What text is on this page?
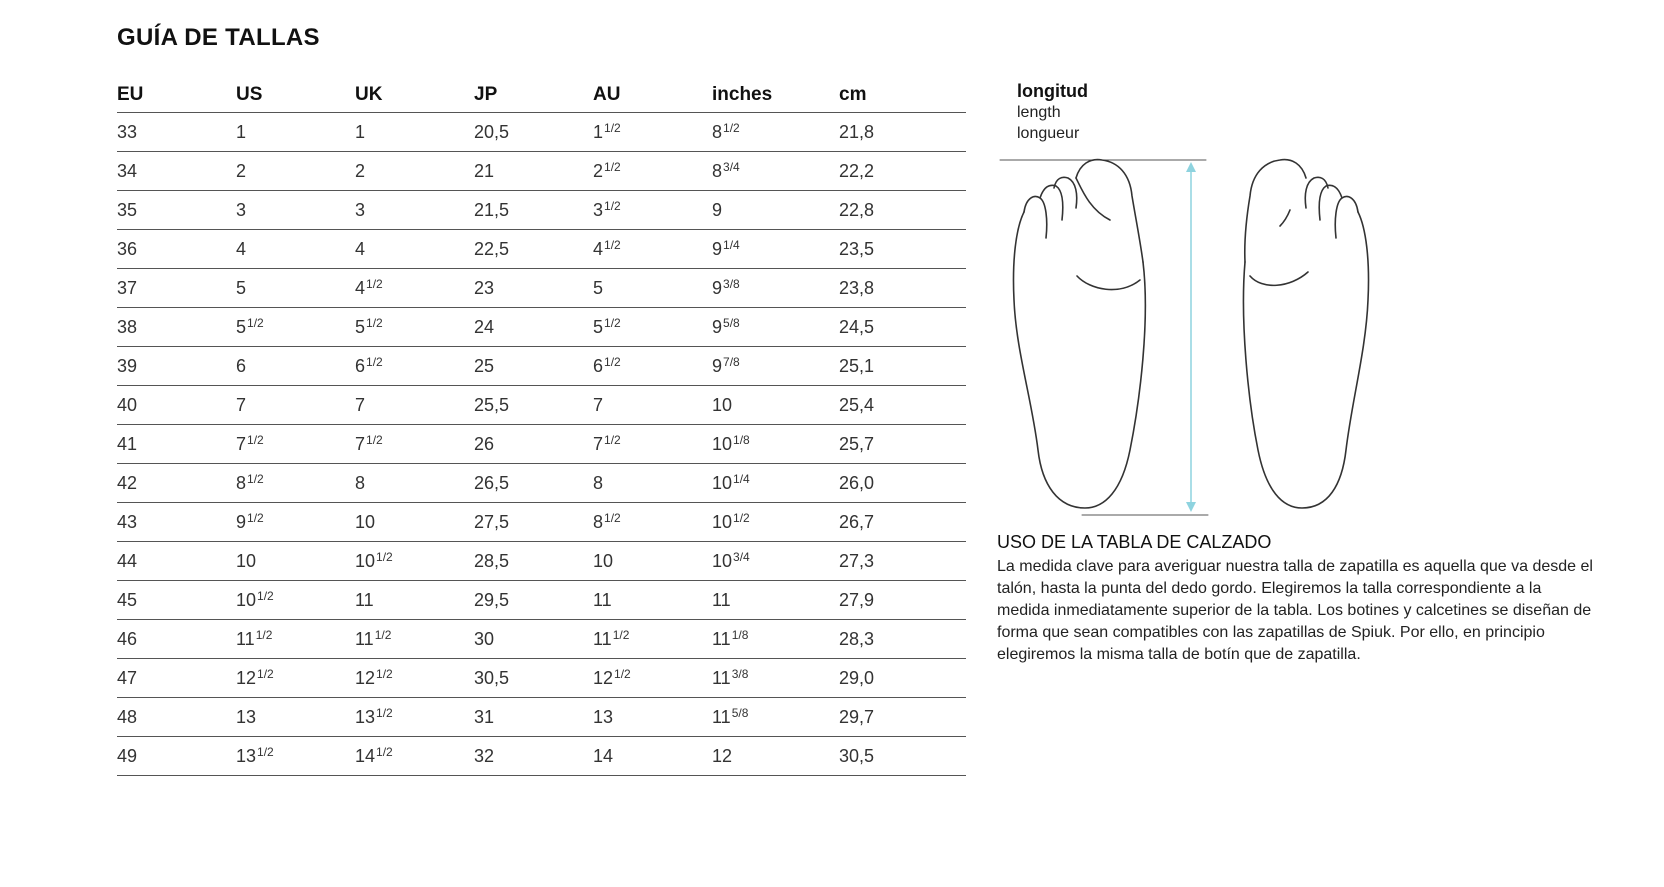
GUÍA DE TALLAS
EU	US	UK	JP	AU	inches	cm
33	1	1	20,5	$1^{1/2}$	$8^{1/2}$	21,8
34	2	2	21	$2^{1/2}$	$8^{3/4}$	22,2
35	3	3	21,5	$3^{1/2}$	9	22,8
36	4	4	22,5	$4^{1/2}$	$9^{1/4}$	23,5
37	5	$4^{1/2}$	23	5	$9^{3/8}$	23,8
38	$5^{1/2}$	$5^{1/2}$	24	$5^{1/2}$	$9^{5/8}$	24,5
39	6	$6^{1/2}$	25	$6^{1/2}$	$9^{7/8}$	25,1
40	7	7	25,5	7	10	25,4
41	$7^{1/2}$	$7^{1/2}$	26	$7^{1/2}$	$10^{1/8}$	25,7
42	$8^{1/2}$	8	26,5	8	$10^{1/4}$	26,0
43	$9^{1/2}$	10	27,5	$8^{1/2}$	$10^{1/2}$	26,7
44	10	$10^{1/2}$	28,5	10	$10^{3/4}$	27,3
45	$10^{1/2}$	11	29,5	11	11	27,9
46	$11^{1/2}$	$11^{1/2}$	30	$11^{1/2}$	$11^{1/8}$	28,3
47	$12^{1/2}$	$12^{1/2}$	30,5	$12^{1/2}$	$11^{3/8}$	29,0
48	13	$13^{1/2}$	31	13	$11^{5/8}$	29,7
49	$13^{1/2}$	$14^{1/2}$	32	14	12	30,5
longitud
length
longueur
USO DE LA TABLA DE CALZADO
La medida clave para averiguar nuestra talla de zapatilla es aquella que va desde el talón, hasta la punta del dedo gordo. Elegiremos la talla correspondiente a la medida inmediatamente superior de la tabla. Los botines y calcetines se diseñan de forma que sean compatibles con las zapatillas de Spiuk. Por ello, en principio elegiremos la misma talla de botín que de zapatilla.
